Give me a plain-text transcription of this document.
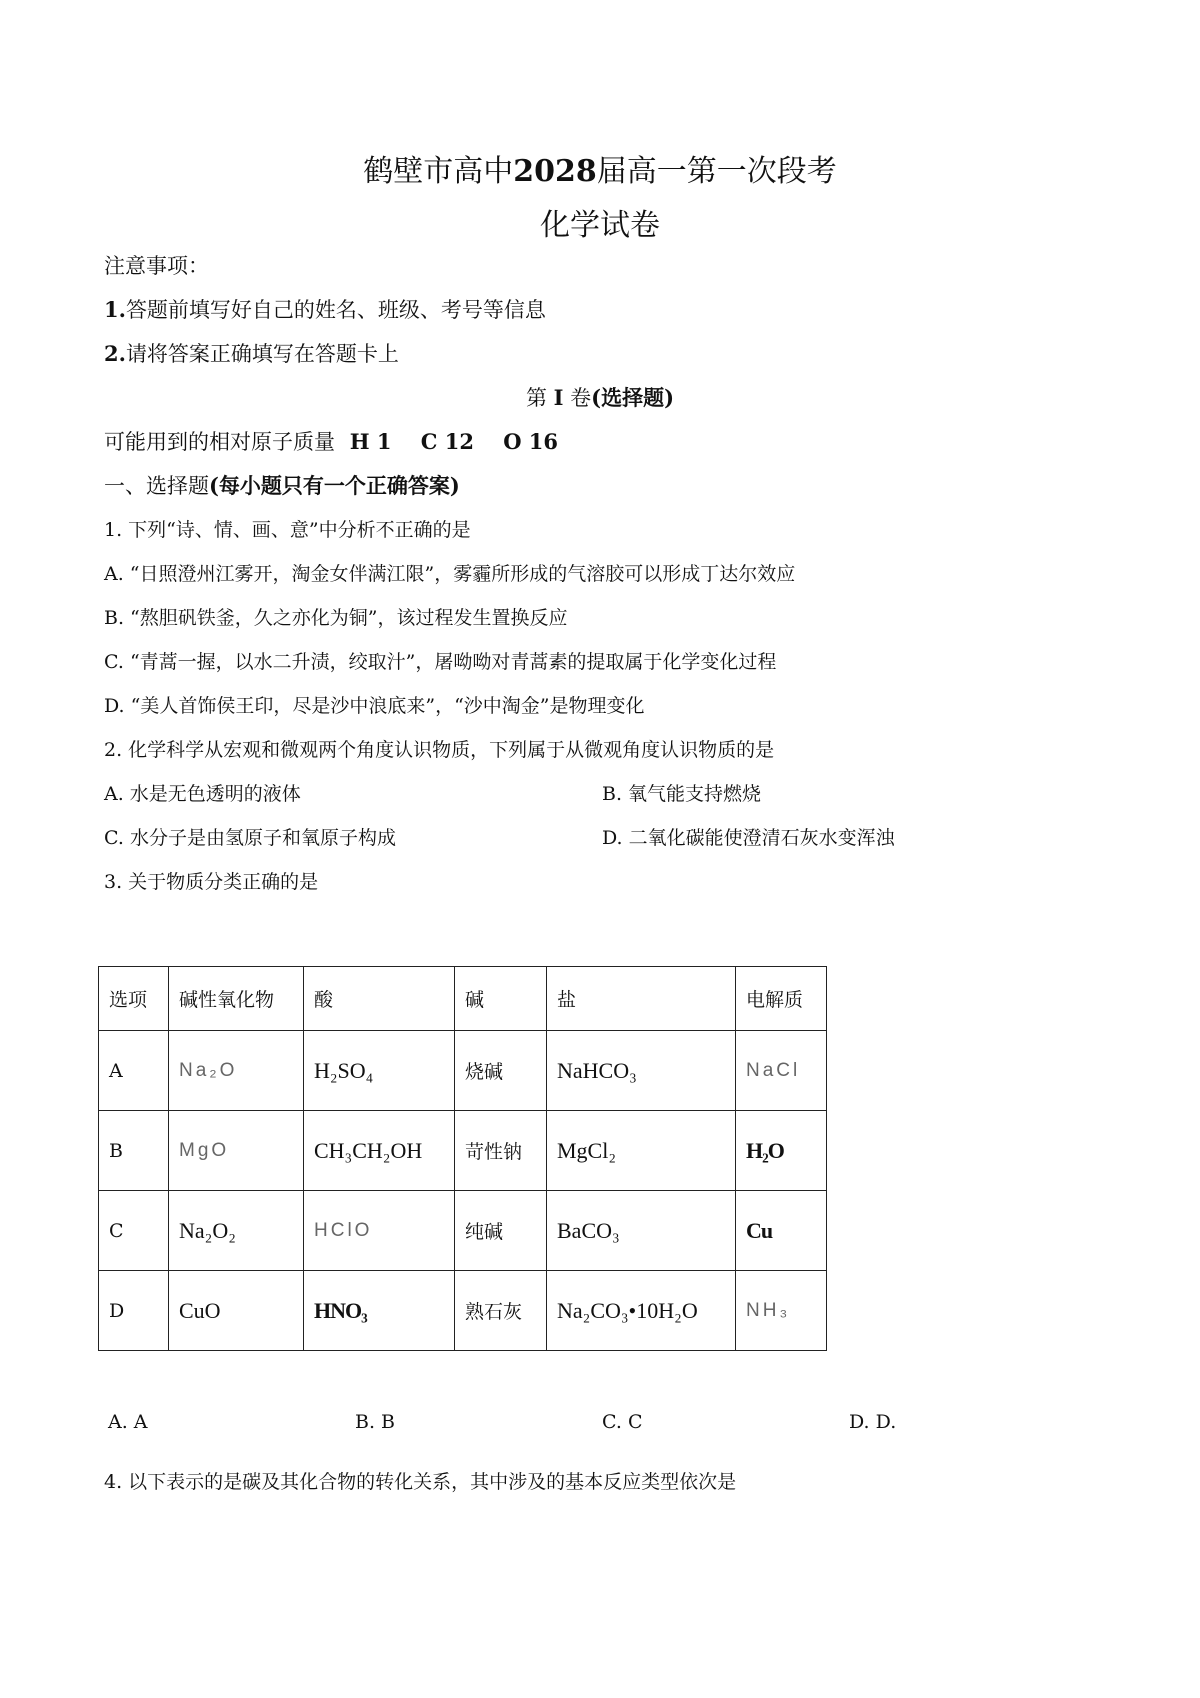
鹤壁市高中2028届高一第一次段考
化学试卷
注意事项：
1.答题前填写好自己的姓名、班级、考号等信息
2.请将答案正确填写在答题卡上
第 I 卷(选择题)
可能用到的相对原子质量 H 1    C 12    O 16
一、选择题(每小题只有一个正确答案)
1. 下列“诗、情、画、意”中分析不正确的是
A. “日照澄州江雾开，淘金女伴满江限”，雾霾所形成的气溶胶可以形成丁达尔效应
B. “熬胆矾铁釜，久之亦化为铜”，该过程发生置换反应
C. “青蒿一握，以水二升渍，绞取汁”，屠呦呦对青蒿素的提取属于化学变化过程
D. “美人首饰侯王印，尽是沙中浪底来”，“沙中淘金”是物理变化
2. 化学科学从宏观和微观两个角度认识物质，下列属于从微观角度认识物质的是
A. 水是无色透明的液体	B. 氧气能支持燃烧
C. 水分子是由氢原子和氧原子构成	D. 二氧化碳能使澄清石灰水变浑浊
3. 关于物质分类正确的是
选项	碱性氧化物	酸	碱	盐	电解质
A	Na₂O	H₂SO₄	烧碱	NaHCO₃	NaCl
B	MgO	CH₃CH₂OH	苛性钠	MgCl₂	H₂O
C	Na₂O₂	HClO	纯碱	BaCO₃	Cu
D	CuO	HNO₃	熟石灰	Na₂CO₃•10H₂O	NH₃
A. A	B. B	C. C	D. D.
4. 以下表示的是碳及其化合物的转化关系，其中涉及的基本反应类型依次是
